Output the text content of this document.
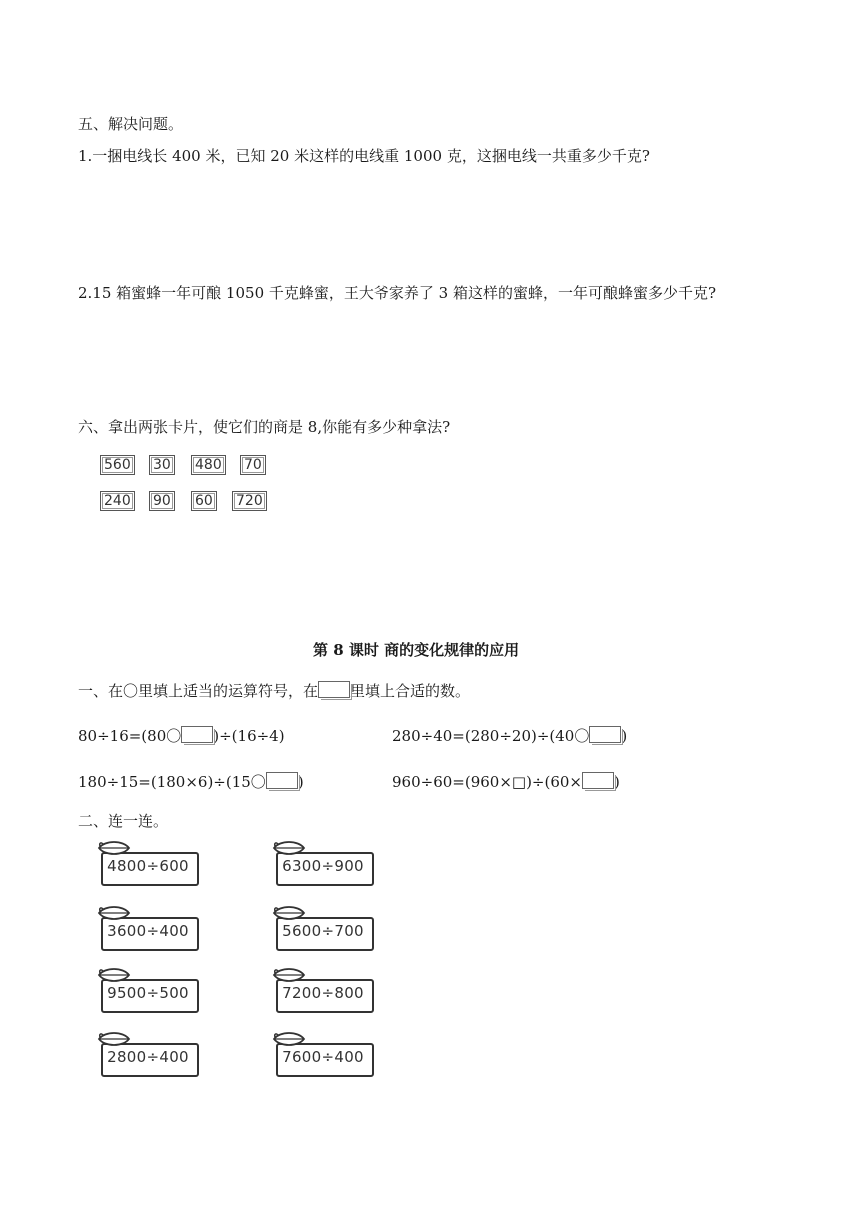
五、解决问题。
1.一捆电线长 400 米，已知 20 米这样的电线重 1000 克，这捆电线一共重多少千克?
2.15 箱蜜蜂一年可酿 1050 千克蜂蜜，王大爷家养了 3 箱这样的蜜蜂，一年可酿蜂蜜多少千克?
六、拿出两张卡片，使它们的商是 8,你能有多少种拿法?
560 30 480 70
240 90 60 720
第 8 课时 商的变化规律的应用
一、在〇里填上适当的运算符号，在 里填上合适的数。
80÷16=(80〇 )÷(16÷4)	280÷40=(280÷20)÷(40〇 )
180÷15=(180×6)÷(15〇 )	960÷60=(960×□)÷(60× )
二、连一连。
4800÷600
3600÷400
9500÷500
2800÷400
6300÷900
5600÷700
7200÷800
7600÷400
